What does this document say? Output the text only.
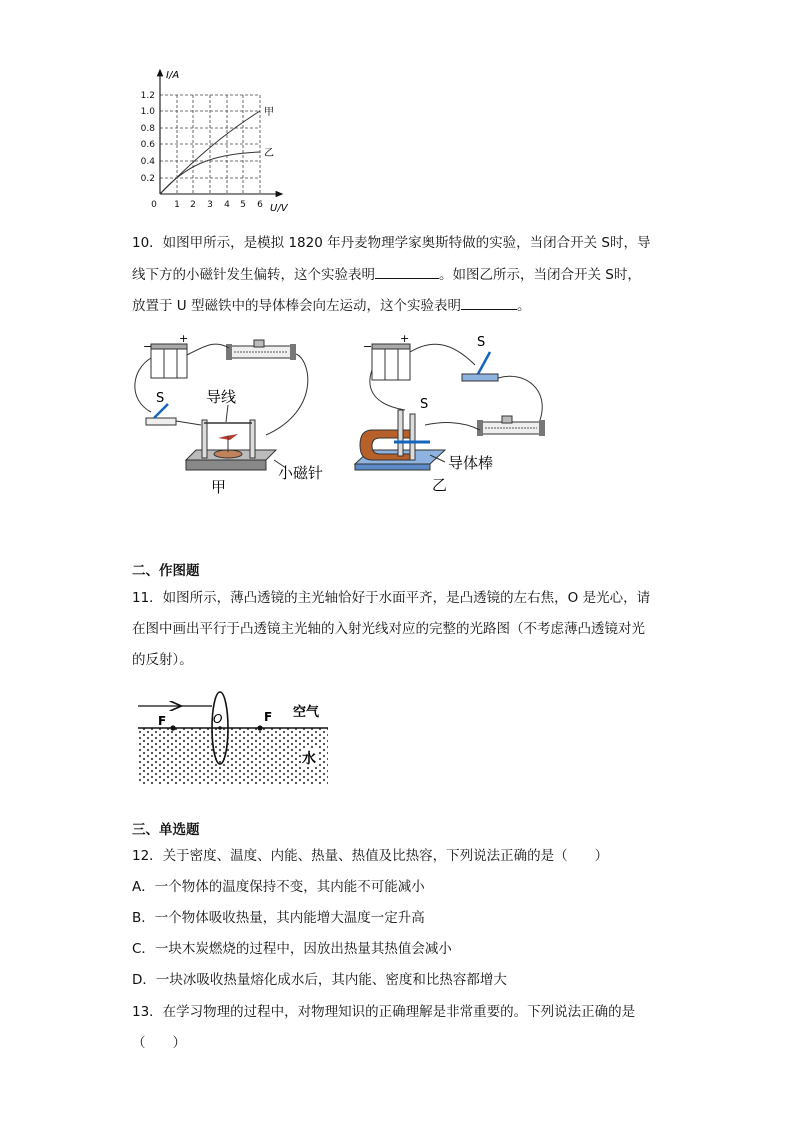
I/A
U/V
1.2
1.0
0.8
0.6
0.4
0.2
0 1 2 3 4 5 6
甲
乙
10．如图甲所示，是模拟 1820 年丹麦物理学家奥斯特做的实验，当闭合开关 S时，导
线下方的小磁针发生偏转，这个实验表明	。如图乙所示，当闭合开关 S时，
放置于 U 型磁铁中的导体棒会向左运动，这个实验表明	。
−
+
S	导线
小磁针
甲
−
+	S
S
导体棒
乙
二、作图题
11．如图所示，薄凸透镜的主光轴恰好于水面平齐，是凸透镜的左右焦，O 是光心，请
在图中画出平行于凸透镜主光轴的入射光线对应的完整的光路图（不考虑薄凸透镜对光
的反射）。
F	O	F 空气
水
三、单选题
12．关于密度、温度、内能、热量、热值及比热容，下列说法正确的是（　　）
A．一个物体的温度保持不变，其内能不可能减小
B．一个物体吸收热量，其内能增大温度一定升高
C．一块木炭燃烧的过程中，因放出热量其热值会减小
D．一块冰吸收热量熔化成水后，其内能、密度和比热容都增大
13．在学习物理的过程中，对物理知识的正确理解是非常重要的。下列说法正确的是
（　　）
